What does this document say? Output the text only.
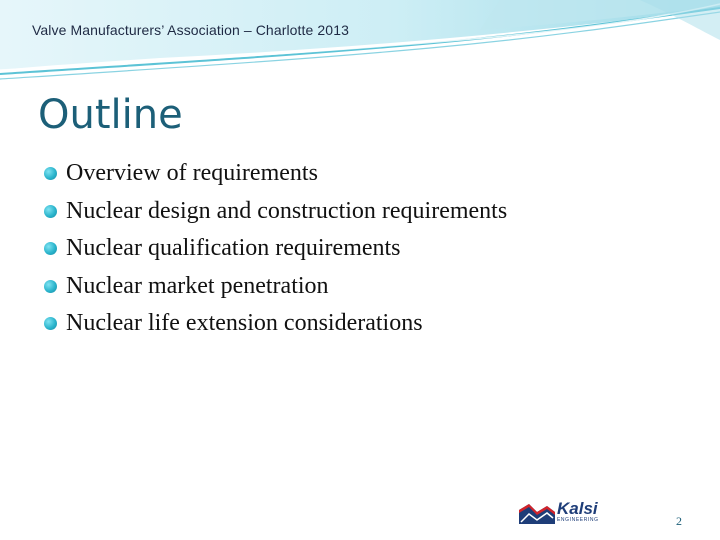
Valve Manufacturers’ Association – Charlotte 2013
Outline
Overview of requirements
Nuclear design and construction requirements
Nuclear qualification requirements
Nuclear market penetration
Nuclear life extension considerations
Kalsi
ENGINEERING	2
